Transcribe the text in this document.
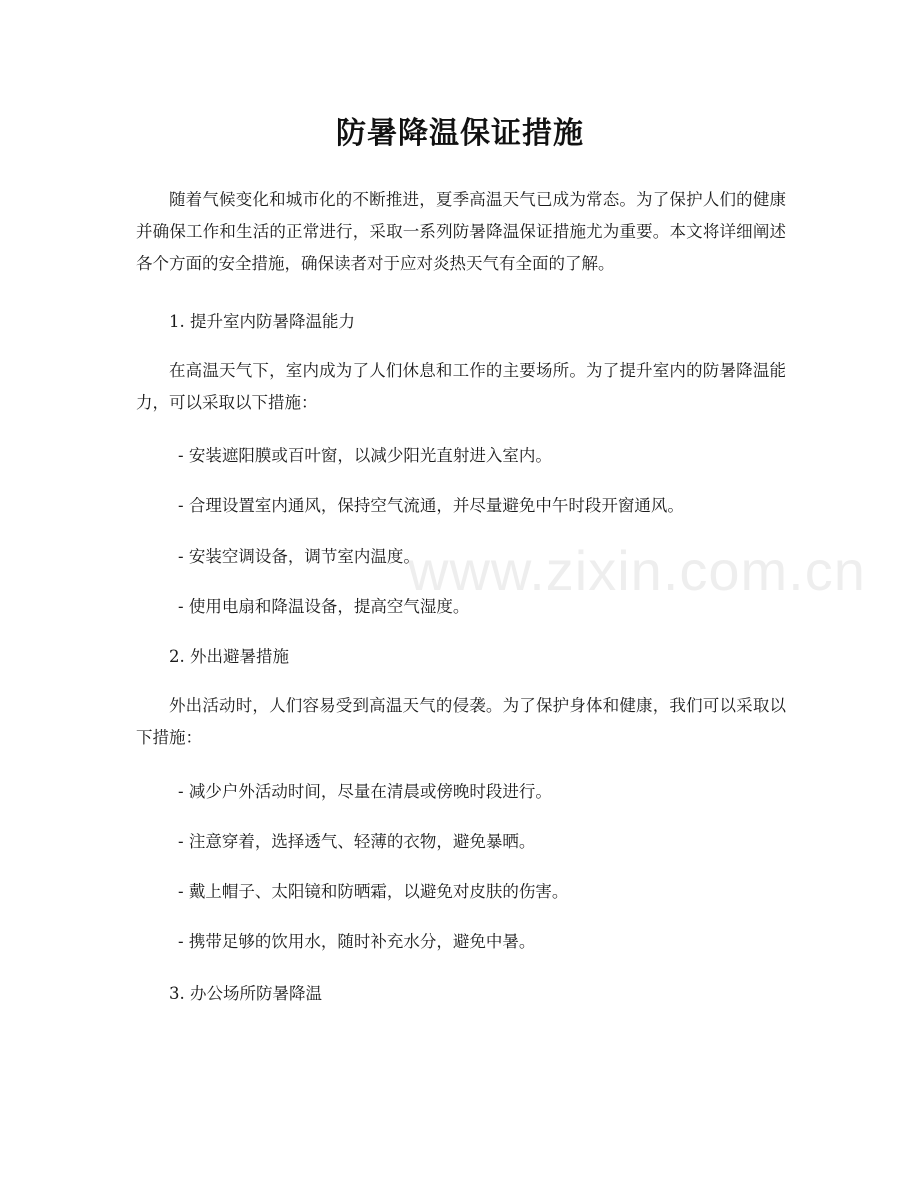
防暑降温保证措施
随着气候变化和城市化的不断推进，夏季高温天气已成为常态。为了保护人们的健康并确保工作和生活的正常进行，采取一系列防暑降温保证措施尤为重要。本文将详细阐述各个方面的安全措施，确保读者对于应对炎热天气有全面的了解。
1. 提升室内防暑降温能力
在高温天气下，室内成为了人们休息和工作的主要场所。为了提升室内的防暑降温能力，可以采取以下措施：
- 安装遮阳膜或百叶窗，以减少阳光直射进入室内。
- 合理设置室内通风，保持空气流通，并尽量避免中午时段开窗通风。
- 安装空调设备，调节室内温度。
- 使用电扇和降温设备，提高空气湿度。
2. 外出避暑措施
外出活动时，人们容易受到高温天气的侵袭。为了保护身体和健康，我们可以采取以下措施：
- 减少户外活动时间，尽量在清晨或傍晚时段进行。
- 注意穿着，选择透气、轻薄的衣物，避免暴晒。
- 戴上帽子、太阳镜和防晒霜，以避免对皮肤的伤害。
- 携带足够的饮用水，随时补充水分，避免中暑。
3. 办公场所防暑降温
www.zixin.com.cn
